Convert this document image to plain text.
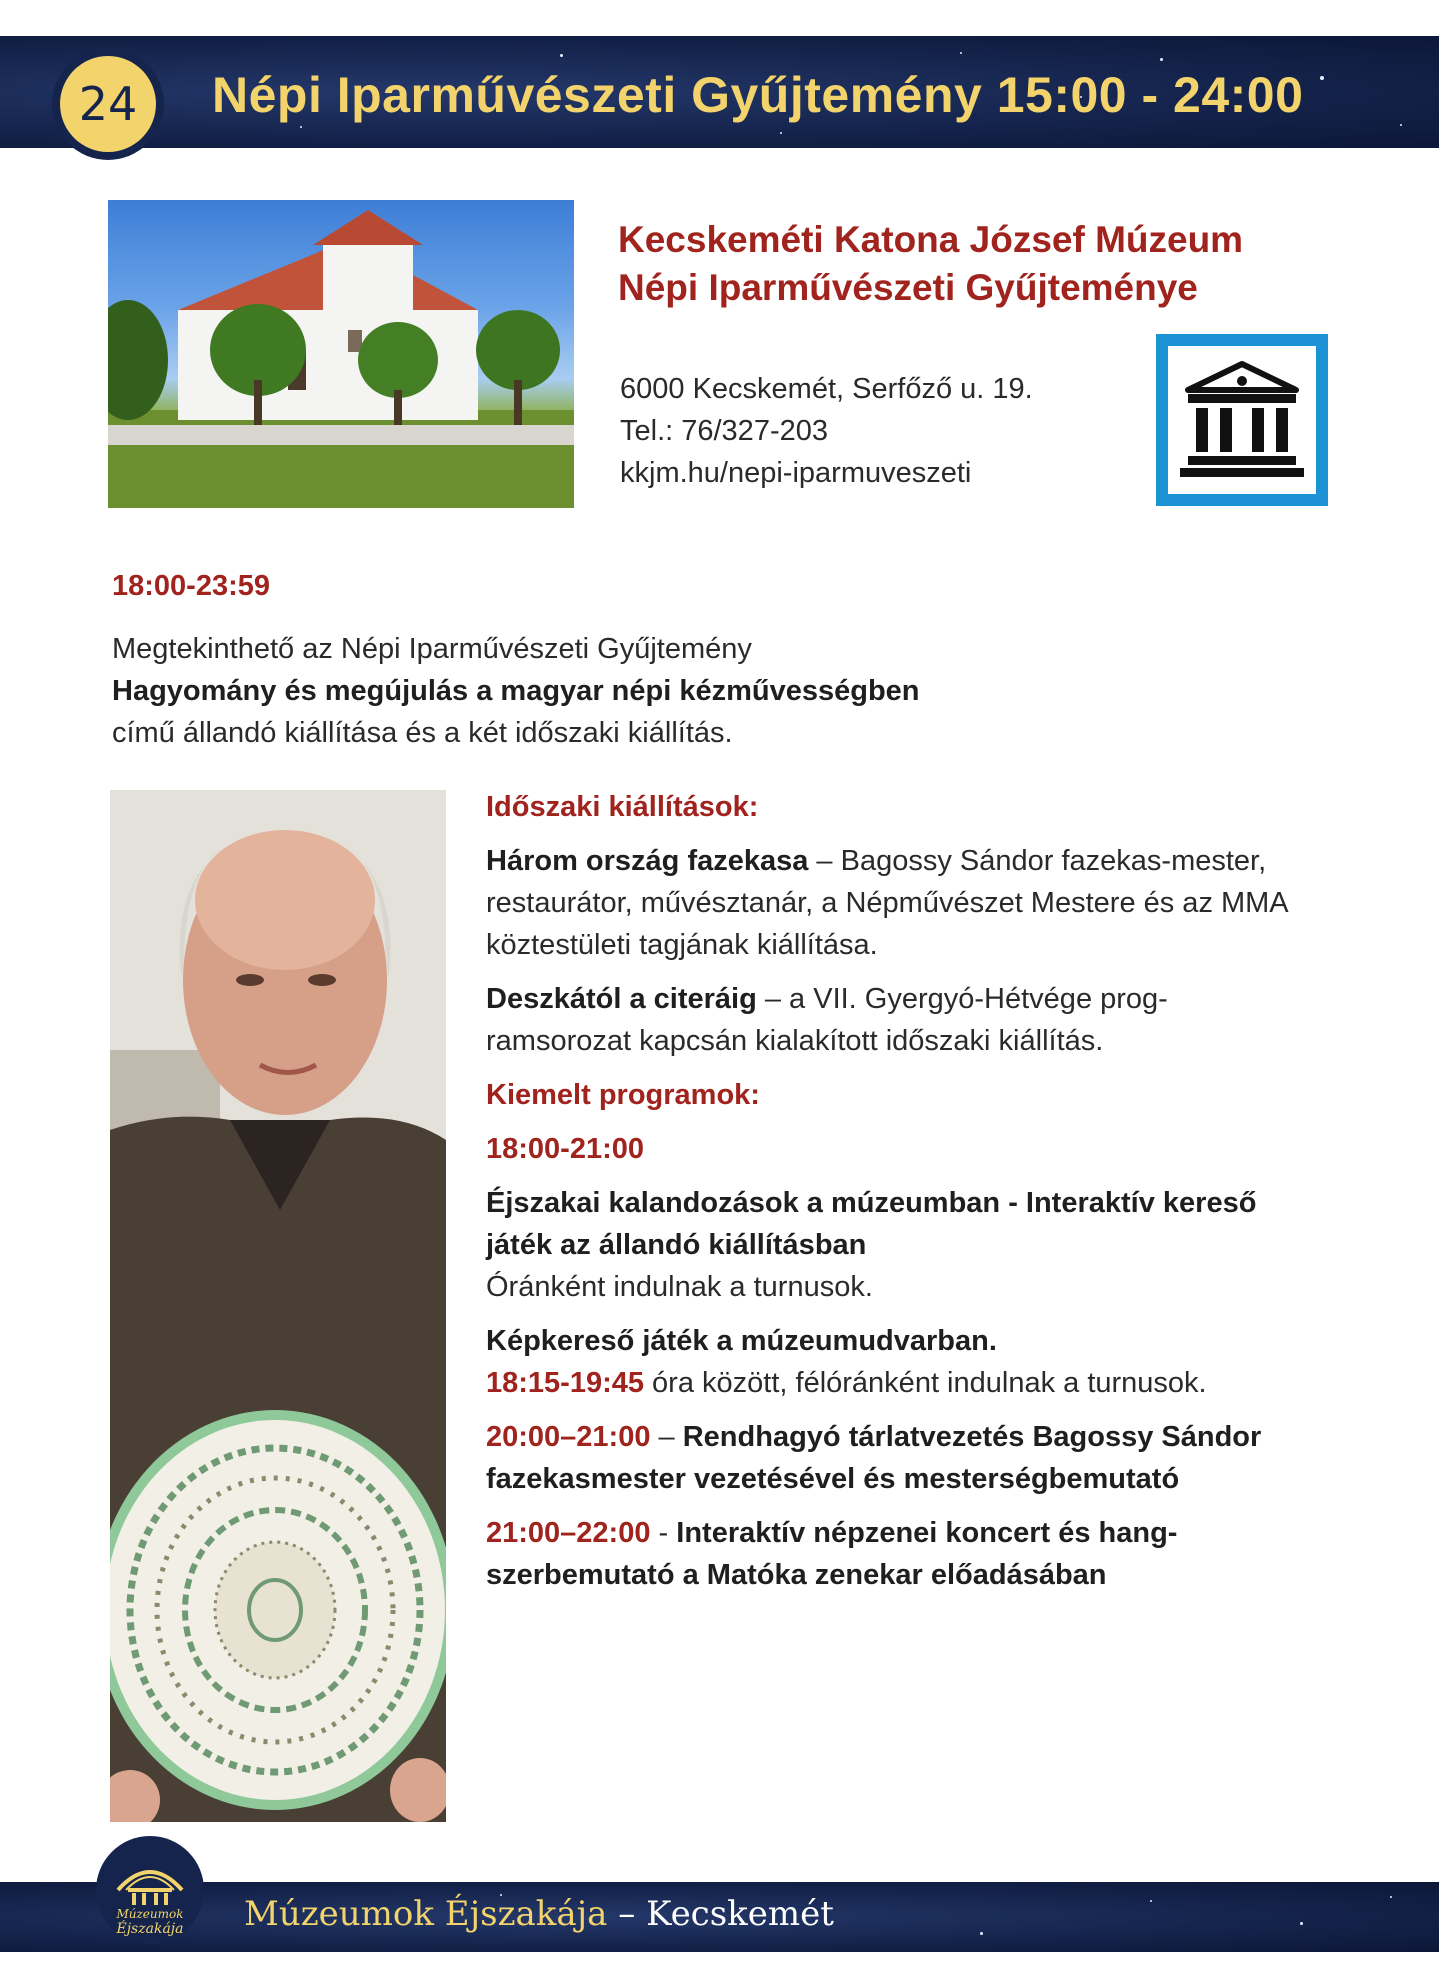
Népi Iparművészeti Gyűjtemény 15:00 - 24:00
24
Kecskeméti Katona József Múzeum
Népi Iparművészeti Gyűjteménye
6000 Kecskemét, Serfőző u. 19.
Tel.: 76/327-203
kkjm.hu/nepi-iparmuveszeti
18:00-23:59
Megtekinthető az Népi Iparművészeti Gyűjtemény
Hagyomány és megújulás a magyar népi kézművességben
című állandó kiállítása és a két időszaki kiállítás.

Időszaki kiállítások:

Három ország fazekasa – Bagossy Sándor fazekas-mester, restaurátor, művésztanár, a Népművészet Mestere és az MMA köztestületi tagjának kiállítása.

Deszkától a citeráig – a VII. Gyergyó-Hétvége prog-ramsorozat kapcsán kialakított időszaki kiállítás.

Kiemelt programok:

18:00-21:00

Éjszakai kalandozások a múzeumban - Interaktív kereső játék az állandó kiállításban
Óránként indulnak a turnusok.

Képkereső játék a múzeumudvarban.
18:15-19:45 óra között, félóránként indulnak a turnusok.

20:00–21:00 – Rendhagyó tárlatvezetés Bagossy Sándor fazekasmester vezetésével és mesterségbemutató

21:00–22:00 - Interaktív népzenei koncert és hang-szerbemutató a Matóka zenekar előadásában

Múzeumok Éjszakája – Kecskemét
Múzeumok
Éjszakája
